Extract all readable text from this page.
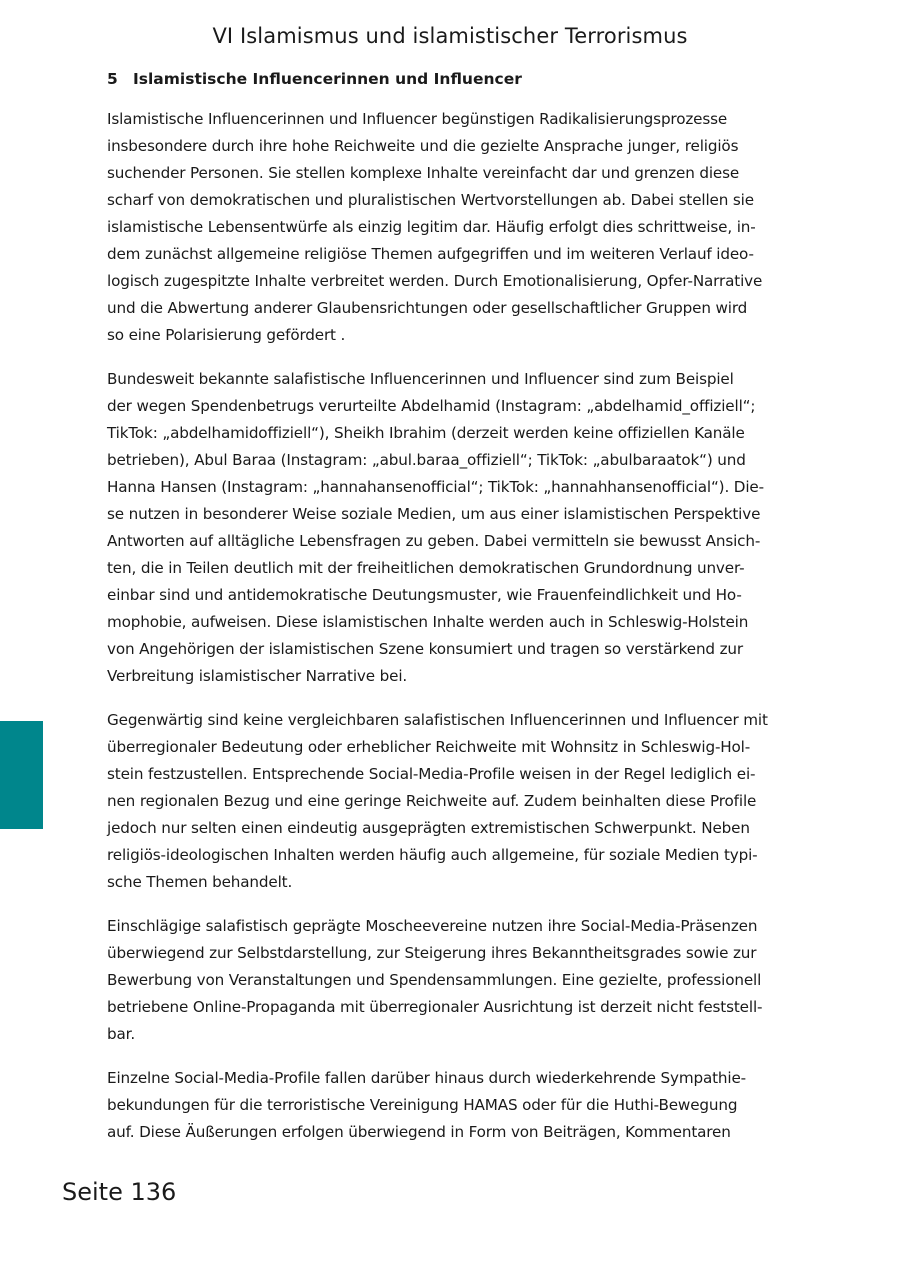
VI Islamismus und islamistischer Terrorismus
5 Islamistische Influencerinnen und Influencer

Islamistische Influencerinnen und Influencer begünstigen Radikalisierungsprozesse
insbesondere durch ihre hohe Reichweite und die gezielte Ansprache junger, religiös
suchender Personen. Sie stellen komplexe Inhalte vereinfacht dar und grenzen diese
scharf von demokratischen und pluralistischen Wertvorstellungen ab. Dabei stellen sie
islamistische Lebensentwürfe als einzig legitim dar. Häufig erfolgt dies schrittweise, in-
dem zunächst allgemeine religiöse Themen aufgegriffen und im weiteren Verlauf ideo-
logisch zugespitzte Inhalte verbreitet werden. Durch Emotionalisierung, Opfer-Narrative
und die Abwertung anderer Glaubensrichtungen oder gesellschaftlicher Gruppen wird
so eine Polarisierung gefördert .

Bundesweit bekannte salafistische Influencerinnen und Influencer sind zum Beispiel
der wegen Spendenbetrugs verurteilte Abdelhamid (Instagram: „abdelhamid_offiziell“;
TikTok: „abdelhamidoffiziell“), Sheikh Ibrahim (derzeit werden keine offiziellen Kanäle
betrieben), Abul Baraa (Instagram: „abul.baraa_offiziell“; TikTok: „abulbaraatok“) und
Hanna Hansen (Instagram: „hannahansenofficial“; TikTok: „hannahhansenofficial“). Die-
se nutzen in besonderer Weise soziale Medien, um aus einer islamistischen Perspektive
Antworten auf alltägliche Lebensfragen zu geben. Dabei vermitteln sie bewusst Ansich-
ten, die in Teilen deutlich mit der freiheitlichen demokratischen Grundordnung unver-
einbar sind und antidemokratische Deutungsmuster, wie Frauenfeindlichkeit und Ho-
mophobie, aufweisen. Diese islamistischen Inhalte werden auch in Schleswig-Holstein
von Angehörigen der islamistischen Szene konsumiert und tragen so verstärkend zur
Verbreitung islamistischer Narrative bei.

Gegenwärtig sind keine vergleichbaren salafistischen Influencerinnen und Influencer mit
überregionaler Bedeutung oder erheblicher Reichweite mit Wohnsitz in Schleswig-Hol-
stein festzustellen. Entsprechende Social-Media-Profile weisen in der Regel lediglich ei-
nen regionalen Bezug und eine geringe Reichweite auf. Zudem beinhalten diese Profile
jedoch nur selten einen eindeutig ausgeprägten extremistischen Schwerpunkt. Neben
religiös-ideologischen Inhalten werden häufig auch allgemeine, für soziale Medien typi-
sche Themen behandelt.

Einschlägige salafistisch geprägte Moscheevereine nutzen ihre Social-Media-Präsenzen
überwiegend zur Selbstdarstellung, zur Steigerung ihres Bekanntheitsgrades sowie zur
Bewerbung von Veranstaltungen und Spendensammlungen. Eine gezielte, professionell
betriebene Online-Propaganda mit überregionaler Ausrichtung ist derzeit nicht feststell-
bar.

Einzelne Social-Media-Profile fallen darüber hinaus durch wiederkehrende Sympathie-
bekundungen für die terroristische Vereinigung HAMAS oder für die Huthi-Bewegung
auf. Diese Äußerungen erfolgen überwiegend in Form von Beiträgen, Kommentaren

Seite 136
